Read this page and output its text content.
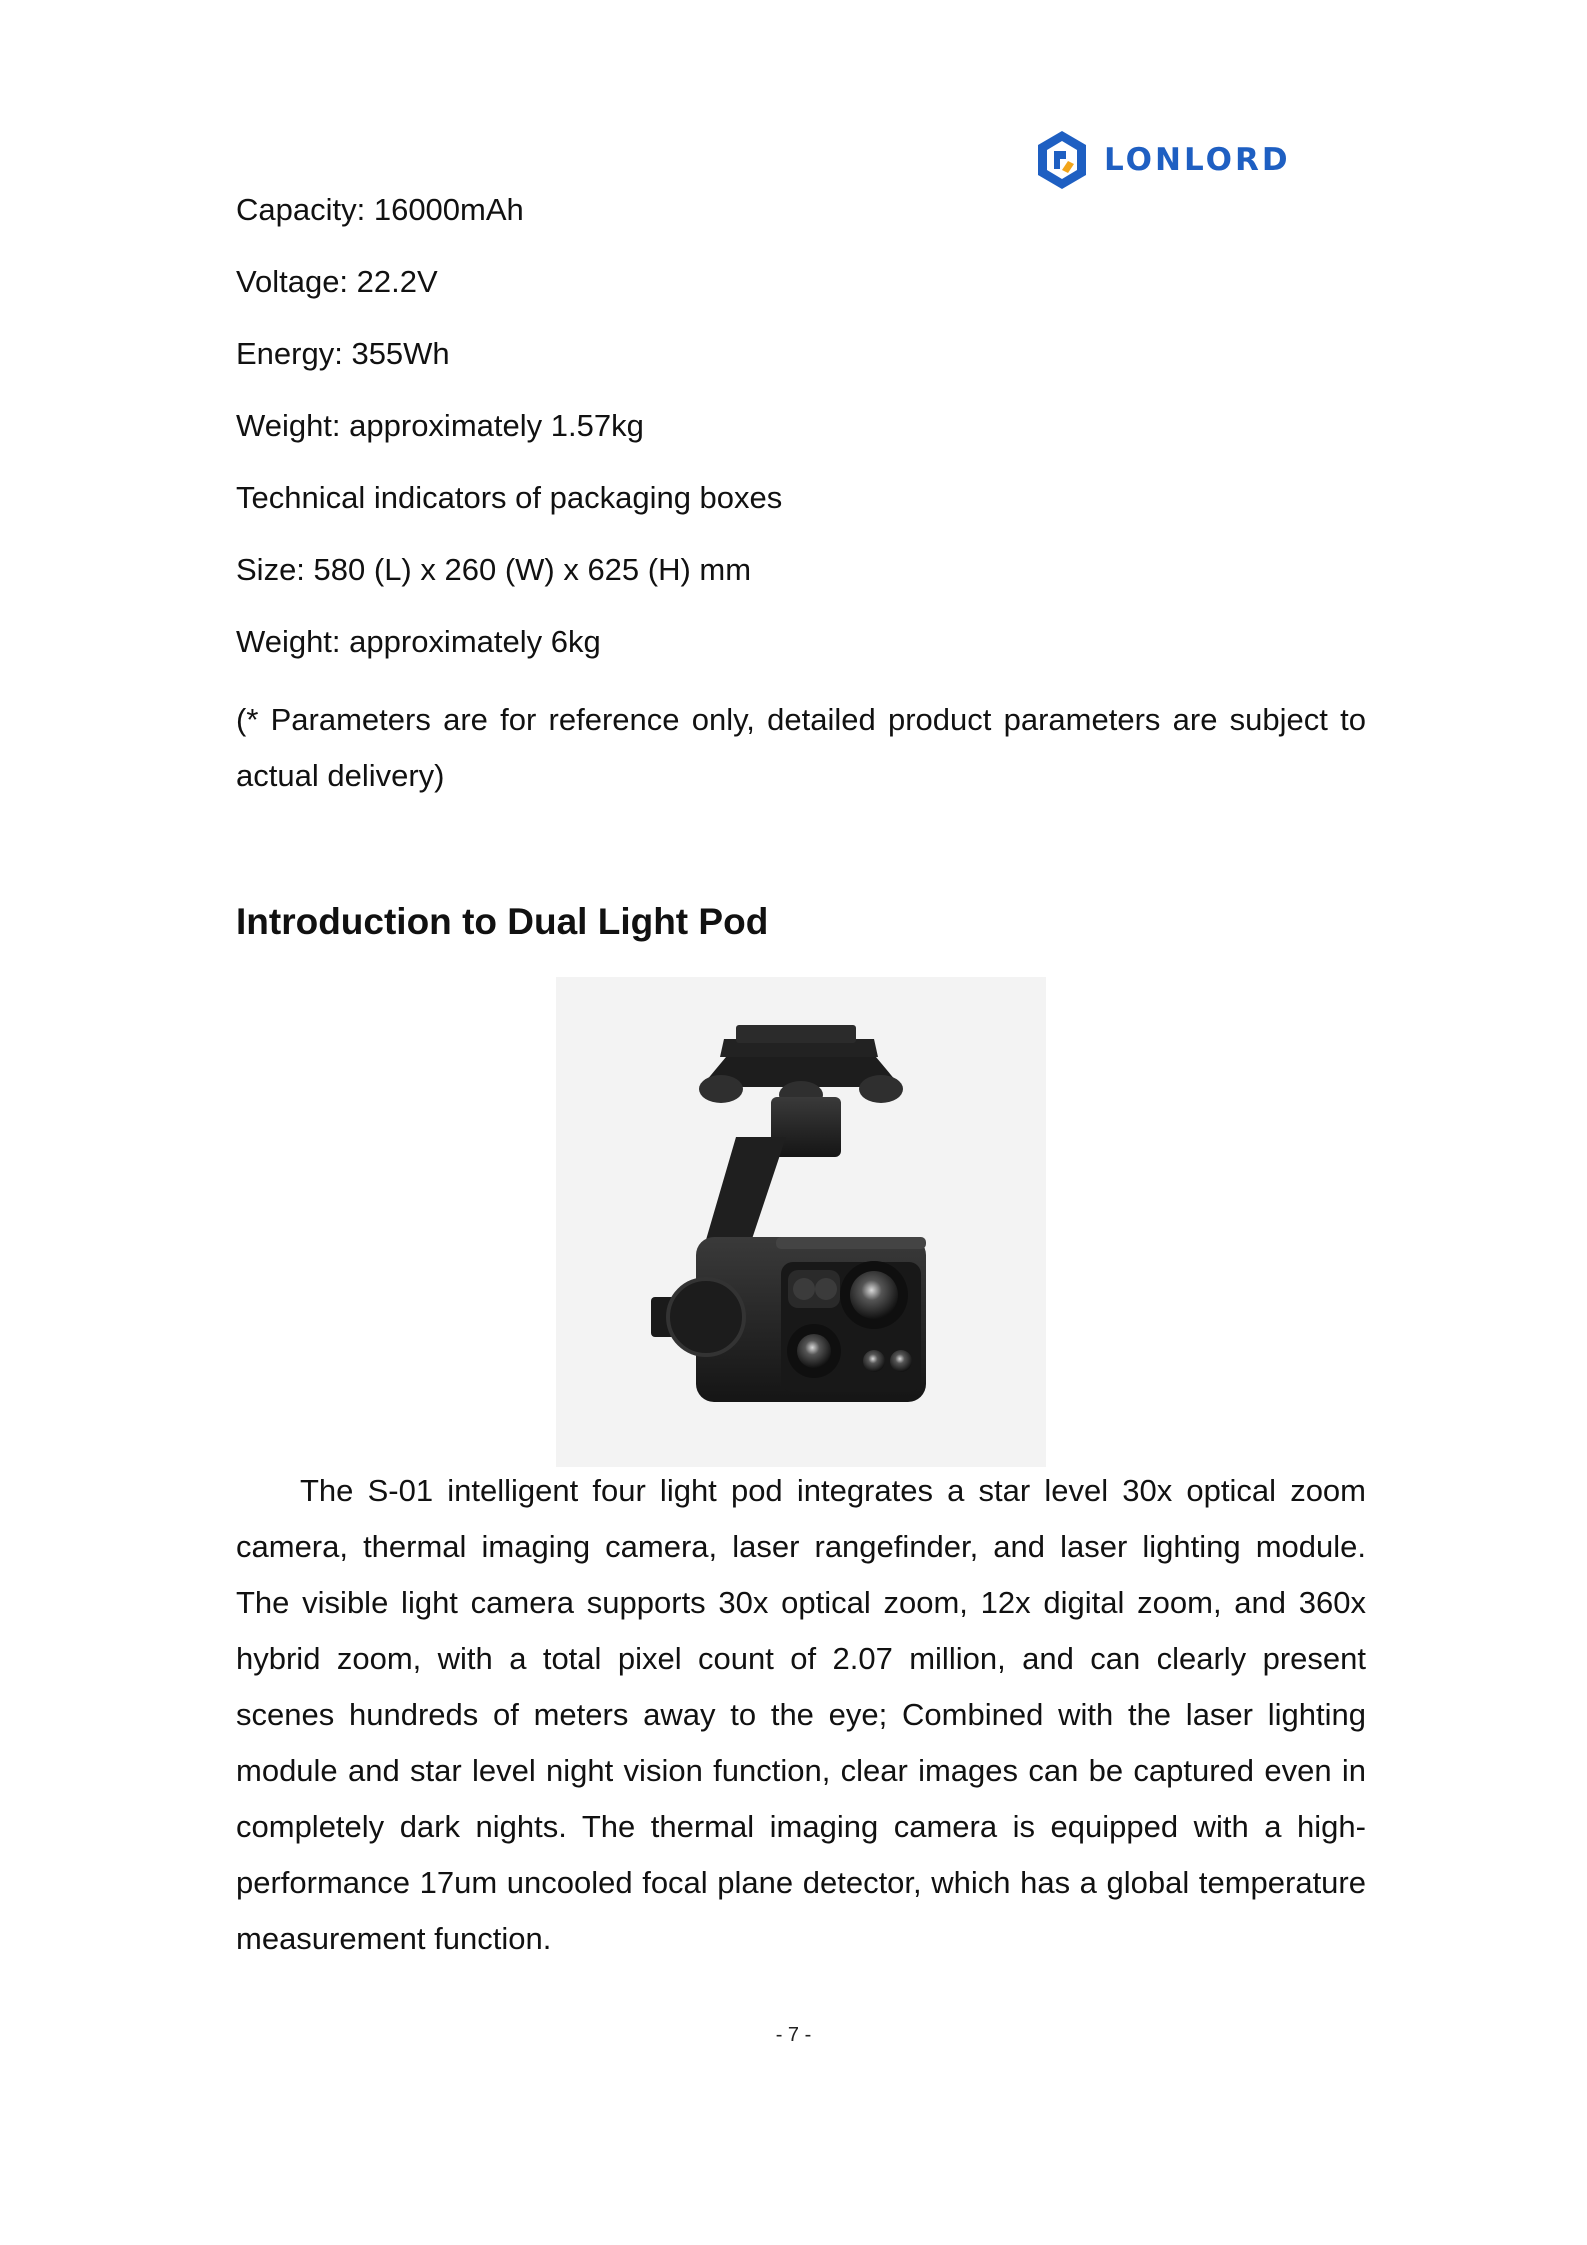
LONLORD
Capacity: 16000mAh
Voltage: 22.2V
Energy: 355Wh
Weight: approximately 1.57kg
Technical indicators of packaging boxes
Size: 580 (L) x 260 (W) x 625 (H) mm
Weight: approximately 6kg
(* Parameters are for reference only, detailed product parameters are subject to actual delivery)
Introduction to Dual Light Pod
The S-01 intelligent four light pod integrates a star level 30x optical zoom camera, thermal imaging camera, laser rangefinder, and laser lighting module. The visible light camera supports 30x optical zoom, 12x digital zoom, and 360x hybrid zoom, with a total pixel count of 2.07 million, and can clearly present scenes hundreds of meters away to the eye; Combined with the laser lighting module and star level night vision function, clear images can be captured even in completely dark nights. The thermal imaging camera is equipped with a high-performance 17um uncooled focal plane detector, which has a global temperature measurement function.
- 7 -
